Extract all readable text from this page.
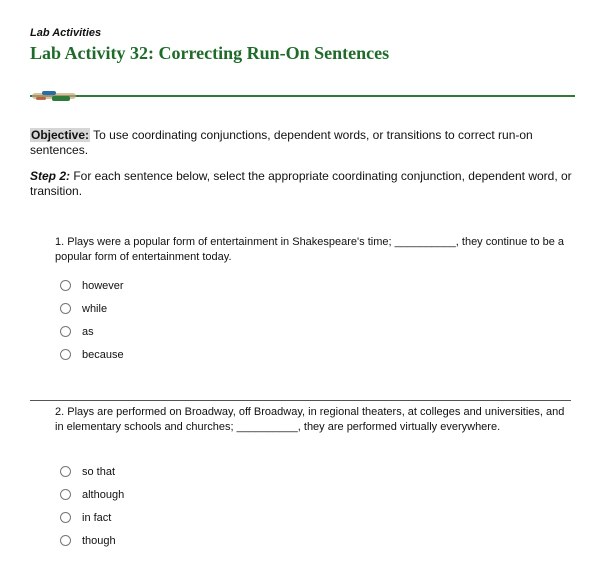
Lab Activities
Lab Activity 32: Correcting Run-On Sentences
Objective: To use coordinating conjunctions, dependent words, or transitions to correct run-on sentences.
Step 2: For each sentence below, select the appropriate coordinating conjunction, dependent word, or transition.
1. Plays were a popular form of entertainment in Shakespeare's time; __________, they continue to be a popular form of entertainment today.
however
while
as
because
2. Plays are performed on Broadway, off Broadway, in regional theaters, at colleges and universities, and in elementary schools and churches; __________, they are performed virtually everywhere.
so that
although
in fact
though
